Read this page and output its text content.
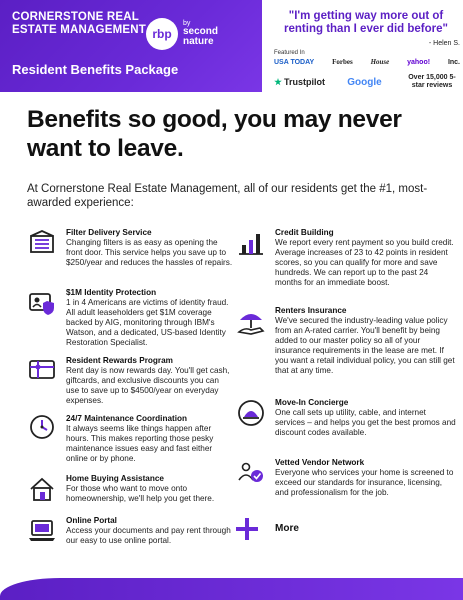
CORNERSTONE REAL ESTATE MANAGEMENT
Resident Benefits Package
rbp
by
second nature
"I'm getting way more out of renting than I ever did before"
- Helen S.
Featured In
USA TODAY	Forbes	House	yahoo!	Inc.
Trustpilot Google	Over 15,000 5-star reviews
Benefits so good, you may never want to leave.
At Cornerstone Real Estate Management, all of our residents get the #1, most-awarded experience:
Filter Delivery Service
Changing filters is as easy as opening the front door. This service helps you save up to $250/year and reduces the hassles of repairs.
$1M Identity Protection
1 in 4 Americans are victims of identity fraud. All adult leaseholders get $1M coverage backed by AIG, monitoring through IBM's Watson, and a dedicated, US-based Identity Restoration Specialist.
Resident Rewards Program
Rent day is now rewards day. You'll get cash, giftcards, and exclusive discounts you can use to save up to $4500/year on everyday expenses.
24/7 Maintenance Coordination
It always seems like things happen after hours. This makes reporting those pesky maintenance issues easy and fast either online or by phone.
Home Buying Assistance
For those who want to move onto homeownership, we'll help you get there.
Online Portal
Access your documents and pay rent through our easy to use online portal.
Credit Building
We report every rent payment so you build credit. Average increases of 23 to 42 points in resident scores, so you can qualify for more and save hundreds. We can report up to the past 24 months for an immediate boost.
Renters Insurance
We've secured the industry-leading value policy from an A-rated carrier. You'll benefit by being added to our master policy so all of your insurance requirements in the lease are met. If you want a retail individual policy, you can still get that at any time.
Move-In Concierge
One call sets up utility, cable, and internet services – and helps you get the best promos and discount codes available.
Vetted Vendor Network
Everyone who services your home is screened to exceed our standards for insurance, licensing, and professionalism for the job.
More
